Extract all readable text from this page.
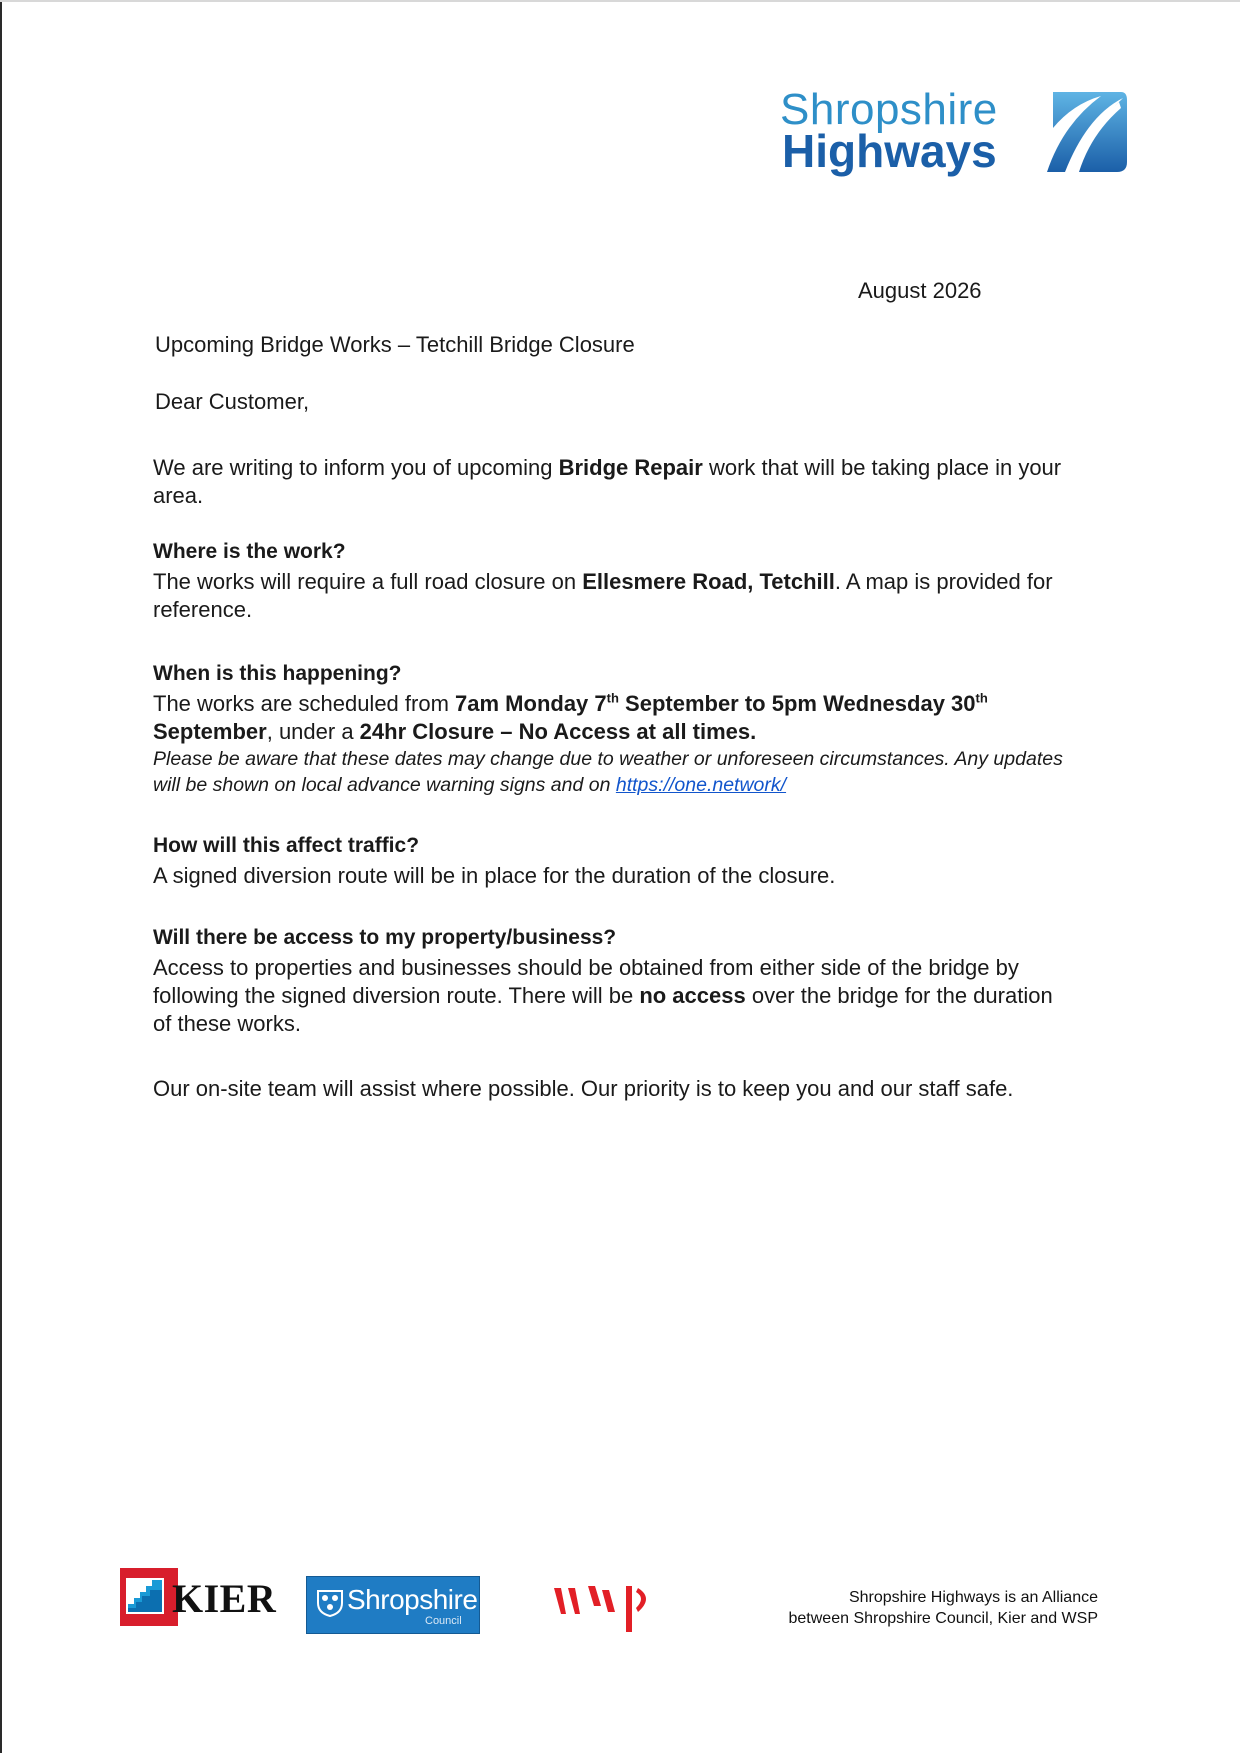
Shropshire
Highways
August 2026
Upcoming Bridge Works – Tetchill Bridge Closure
Dear Customer,

We are writing to inform you of upcoming Bridge Repair work that will be taking place in your area.

Where is the work?

The works will require a full road closure on Ellesmere Road, Tetchill. A map is provided for reference.

When is this happening?

The works are scheduled from 7am Monday 7th September to 5pm Wednesday 30th September, under a 24hr Closure – No Access at all times.

Please be aware that these dates may change due to weather or unforeseen circumstances. Any updates will be shown on local advance warning signs and on https://one.network/

How will this affect traffic?

A signed diversion route will be in place for the duration of the closure.

Will there be access to my property/business?

Access to properties and businesses should be obtained from either side of the bridge by following the signed diversion route. There will be no access over the bridge for the duration of these works.

Our on-site team will assist where possible. Our priority is to keep you and our staff safe.

KIER	Shropshire
Council
wsp
Shropshire Highways is an Alliance
between Shropshire Council, Kier and WSP
